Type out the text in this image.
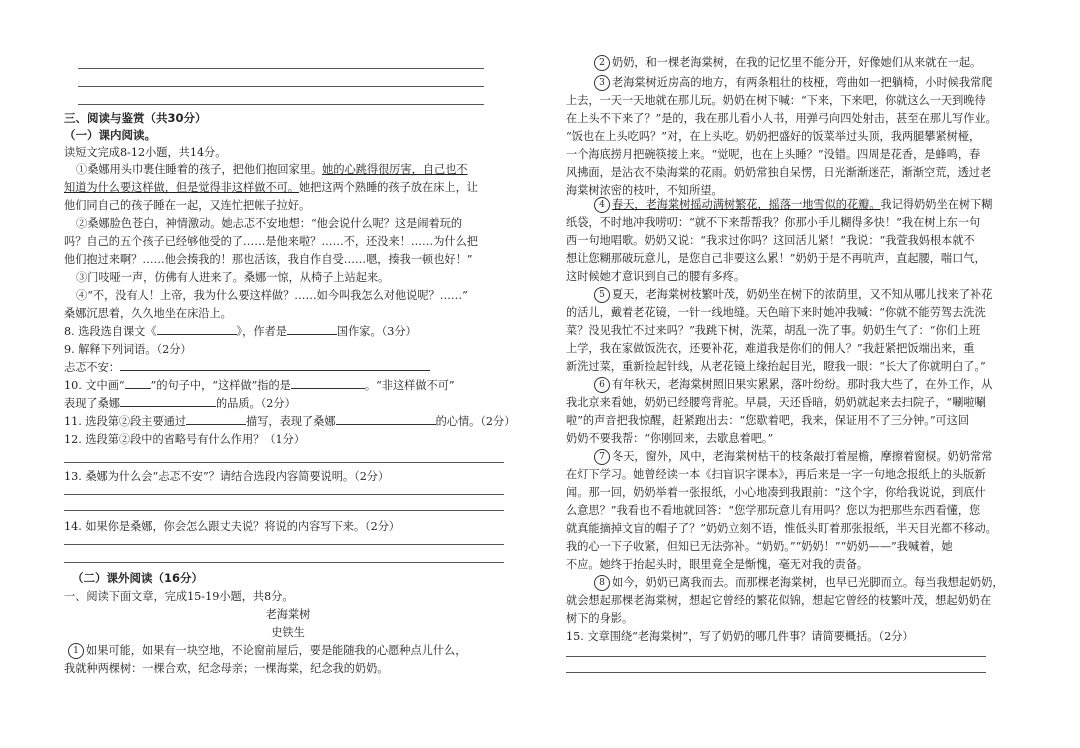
三、阅读与鉴赏（共30分）
（一）课内阅读。
读短文完成8-12小题，共14分。
①桑娜用头巾裹住睡着的孩子，把他们抱回家里。她的心跳得很厉害，自己也不
知道为什么要这样做，但是觉得非这样做不可。她把这两个熟睡的孩子放在床上，让
他们同自己的孩子睡在一起，又连忙把帐子拉好。
②桑娜脸色苍白，神情激动。她忐忑不安地想：“他会说什么呢？这是闹着玩的
吗？自己的五个孩子已经够他受的了……是他来啦？……不，还没来！……为什么把
他们抱过来啊？……他会揍我的！那也活该，我自作自受……嗯，揍我一顿也好！”
③门吱哑一声，仿佛有人进来了。桑娜一惊，从椅子上站起来。
④“不，没有人！上帝，我为什么要这样做？……如今叫我怎么对他说呢？……”
桑娜沉思着，久久地坐在床沿上。
8. 选段选自课文《	》，作者是	国作家。（3分）
9. 解释下列词语。（2分）
忐忑不安：
10. 文中画“ ”的句子中，“这样做”指的是	。“非这样做不可”
表现了桑娜	的品质。（2分）
11. 选段第②段主要通过	描写，表现了桑娜	的心情。（2分）
12. 选段第②段中的省略号有什么作用？（1分）
13. 桑娜为什么会“忐忑不安”？请结合选段内容简要说明。（2分）
14. 如果你是桑娜，你会怎么跟丈夫说？将说的内容写下来。（2分）
（二）课外阅读（16分）
一、阅读下面文章，完成15-19小题，共8分。
老海棠树
史铁生
1 如果可能，如果有一块空地，不论窗前屋后，要是能随我的心愿种点儿什么，
我就种两棵树：一棵合欢，纪念母亲；一棵海棠，纪念我的奶奶。
2 奶奶，和一棵老海棠树，在我的记忆里不能分开，好像她们从来就在一起。
3 老海棠树近房高的地方，有两条粗壮的枝桠，弯曲如一把躺椅，小时候我常爬
上去，一天一天地就在那儿玩。奶奶在树下喊：“下来，下来吧，你就这么一天到晚待
在上头不下来了？”是的，我在那儿看小人书，用弹弓向四处射击，甚至在那儿写作业。
“饭也在上头吃吗？”对，在上头吃。奶奶把盛好的饭菜举过头顶，我两腿攀紧树桠，
一个海底捞月把碗筷接上来。“觉呢，也在上头睡？”没错。四周是花香，是蜂鸣，春
风拂面，是沾衣不染海棠的花雨。奶奶常独自呆愣，日光渐渐迷茫，渐渐空荒，透过老
海棠树浓密的枝叶，不知所望。
4 春天，老海棠树摇动满树繁花，摇落一地雪似的花瓣。我记得奶奶坐在树下糊
纸袋，不时地冲我唠叨：“就不下来帮帮我？你那小手儿糊得多快！”我在树上东一句
西一句地唱歌。奶奶又说：“我求过你吗？这回活儿紧！”我说：“我萱我妈根本就不
想让您糊那破玩意儿，是您自己非要这么累！”奶奶于是不再吭声，直起腰，喘口气，
这时候她才意识到自己的腰有多疼。
5 夏天，老海棠树枝繁叶茂，奶奶坐在树下的浓荫里，又不知从哪儿找来了补花
的活儿，戴着老花镜，一针一线地缝。天色暗下来时她冲我喊：“你就不能劳驾去洗洗
菜？没见我忙不过来吗？”我跳下树，洗菜，胡乱一洗了事。奶奶生气了：“你们上班
上学，我在家做饭洗衣，还要补花，难道我是你们的佣人？”我赶紧把饭端出来，重
新洗过菜，重新捡起针线，从老花镜上缘抬起目光，瞪我一眼：“长大了你就明白了。”
6 有年秋天，老海棠树照旧果实累累，落叶纷纷。那时我大些了，在外工作，从
我北京来看她，奶奶已经腰弯背驼。早晨，天还昏暗，奶奶就起来去扫院子，“唰啦唰
啦”的声音把我惊醒，赶紧跑出去：“您歇着吧，我来，保证用不了三分钟。”可这回
奶奶不要我帮：“你刚回来，去歇息着吧。”
7 冬天，窗外，风中，老海棠树枯干的枝条敲打着屋檐，摩擦着窗棂。奶奶常常
在灯下学习。她曾经读一本《扫盲识字课本》，再后来是一字一句地念报纸上的头版新
闻。那一回，奶奶举着一张报纸，小心地凑到我跟前：“这个字，你给我说说，到底什
么意思？”我看也不看地就回答：“您学那玩意儿有用吗？您以为把那些东西看懂，您
就真能摘掉文盲的帽子了？”奶奶立刻不语，惟低头盯着那张报纸，半天目光都不移动。
我的心一下子收紧，但知已无法弥补。“奶奶。”“奶奶！”“奶奶——”我喊着，她
不应。她终于抬起头时，眼里竟全是惭愧，毫无对我的责备。
8 如今，奶奶已离我而去。而那棵老海棠树，也早已光脚而立。每当我想起奶奶，
就会想起那棵老海棠树，想起它曾经的繁花似锦，想起它曾经的枝繁叶茂，想起奶奶在
树下的身影。
15. 文章围绕“老海棠树”，写了奶奶的哪几件事？请简要概括。（2分）
